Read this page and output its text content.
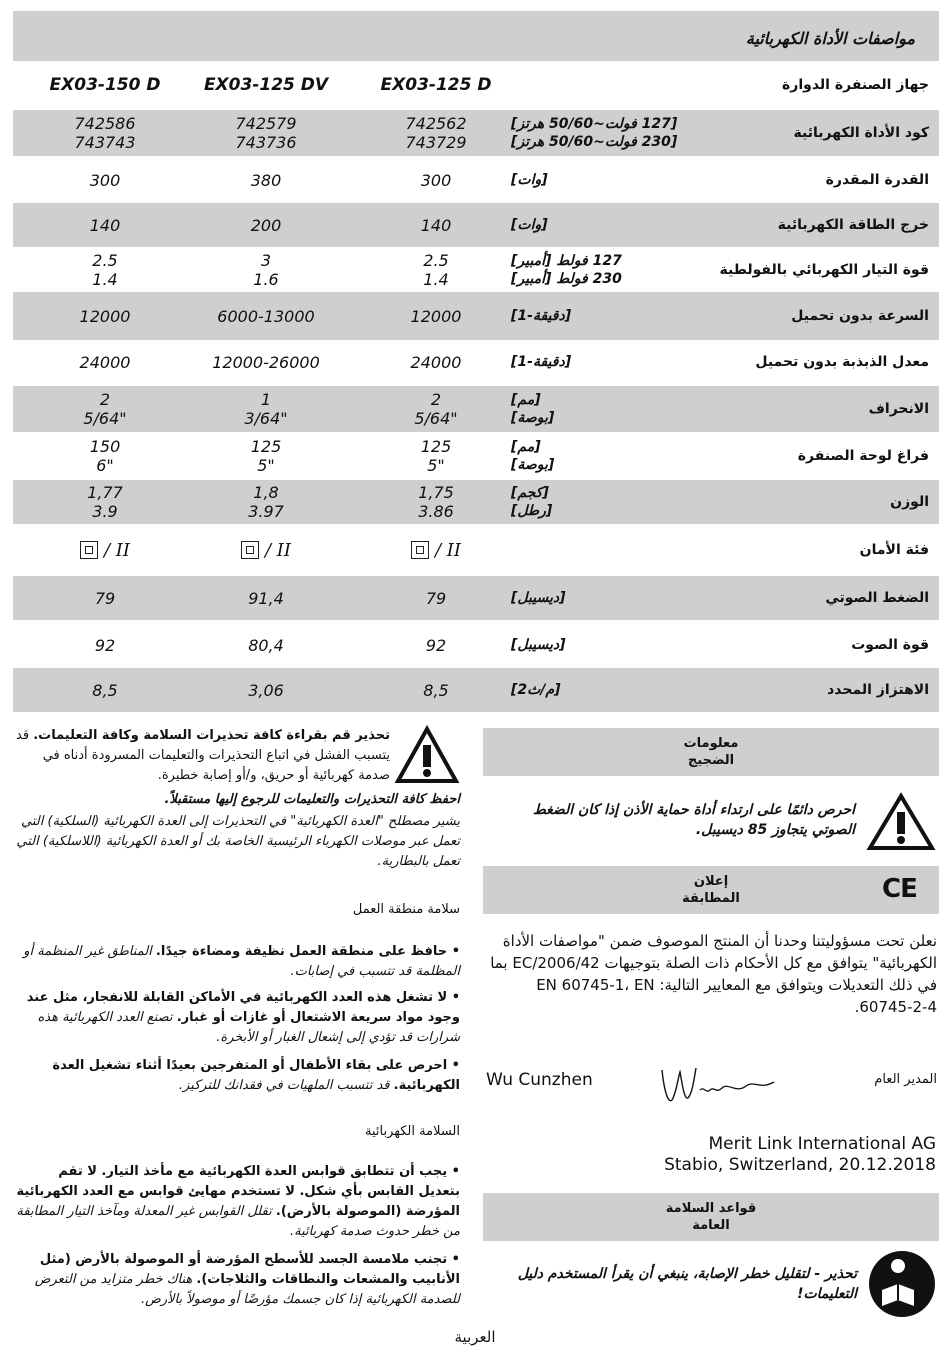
مواصفات الأداة الكهربائية
جهاز الصنفرة الدوارة
EX03-125 D
EX03-125 DV
EX03-150 D
كود الأداة الكهربائية
[127 فولت~50/60 هرتز]
[230 فولت~50/60 هرتز]
742562
743729
742579
743736
742586
743743
القدرة المقدرة
[وات]
300
380
300
خرج الطاقة الكهربائية
[وات]
140
200
140
قوة التيار الكهربائي بالفولطية
127 فولط [أمبير]
230 فولط [أمبير]
2.5
1.4
3
1.6
2.5
1.4
السرعة بدون تحميل
[دقيقة-1]
12000
6000-13000
12000
معدل الذبذبة بدون تحميل
[دقيقة-1]
24000
12000-26000
24000
الانحراف
[مم]
[بوصة]
2
5/64"
1
3/64"
2
5/64"
فراغ لوحة الصنفرة
[مم]
[بوصة]
125
5"
125
5"
150
6"
الوزن
[كجم]
[رطل]
1,75
3.86
1,8
3.97
1,77
3.9
فئة الأمان
/ II
/ II
/ II
الضغط الصوتي
[ديسيبل]
79
91,4
79
قوة الصوت
[ديسيبل]
92
80,4
92
الاهتزاز المحدد
[م/ث2]
8,5
3,06
8,5
معلومات
الضجيج
احرص دائمًا على ارتداء أداة حماية الأذن إذا كان الضغط الصوتي يتجاوز 85 ديسيبل.
إعلان
المطابقة	CE
نعلن تحت مسؤوليتنا وحدنا أن المنتج الموصوف ضمن "مواصفات الأداة الكهربائية" يتوافق مع كل الأحكام ذات الصلة بتوجيهات 2006/42/EC بما في ذلك التعديلات ويتوافق مع المعايير التالية: EN 60745-1، EN 60745-2-4.
المدير العام
Wu Cunzhen
Merit Link International AG
Stabio, Switzerland, 20.12.2018
قواعد السلامة
العامة
تحذير - لتقليل خطر الإصابة، ينبغي أن يقرأ المستخدم دليل التعليمات!
تحذير قم بقراءة كافة تحذيرات السلامة وكافة التعليمات. قد يتسبب الفشل في اتباع التحذيرات والتعليمات المسرودة أدناه في صدمة كهربائية أو حريق، و/أو إصابة خطيرة.
احفظ كافة التحذيرات والتعليمات للرجوع إليها مستقبلاً.
يشير مصطلح "العدة الكهربائية" في التحذيرات إلى العدة الكهربائية (السلكية) التي تعمل عبر موصلات الكهرباء الرئيسية الخاصة بك أو العدة الكهربائية (اللاسلكية) التي تعمل بالبطارية.
سلامة منطقة العمل
• حافظ على منطقة العمل نظيفة ومضاءة جيدًا. المناطق غير المنظمة أو المظلمة قد تتسبب في إصابات.
• لا تشغل هذه العدد الكهربائية في الأماكن القابلة للانفجار، مثل عند وجود مواد سريعة الاشتعال أو غازات أو غبار. تصنع العدد الكهربائية هذه شرارات قد تؤدي إلى إشعال الغبار أو الأبخرة.
• احرص على بقاء الأطفال أو المتفرجين بعيدًا أثناء تشغيل العدة الكهربائية. قد تتسبب الملهيات في فقدانك للتركيز.
السلامة الكهربائية
• يجب أن تتطابق قوابس العدة الكهربائية مع مأخذ التيار. لا تقم بتعديل القابس بأي شكل. لا تستخدم مهايئ قوابس مع العدد الكهربائية المؤرضة (الموصولة بالأرض). تقلل القوابس غير المعدلة ومآخذ التيار المطابقة من خطر حدوث صدمة كهربائية.
• تجنب ملامسة الجسد للأسطح المؤرضة أو الموصولة بالأرض (مثل الأنابيب والمشعات والنطاقات والثلاجات). هناك خطر متزايد من التعرض للصدمة الكهربائية إذا كان جسمك مؤرضًا أو موصولاً بالأرض.
العربية
